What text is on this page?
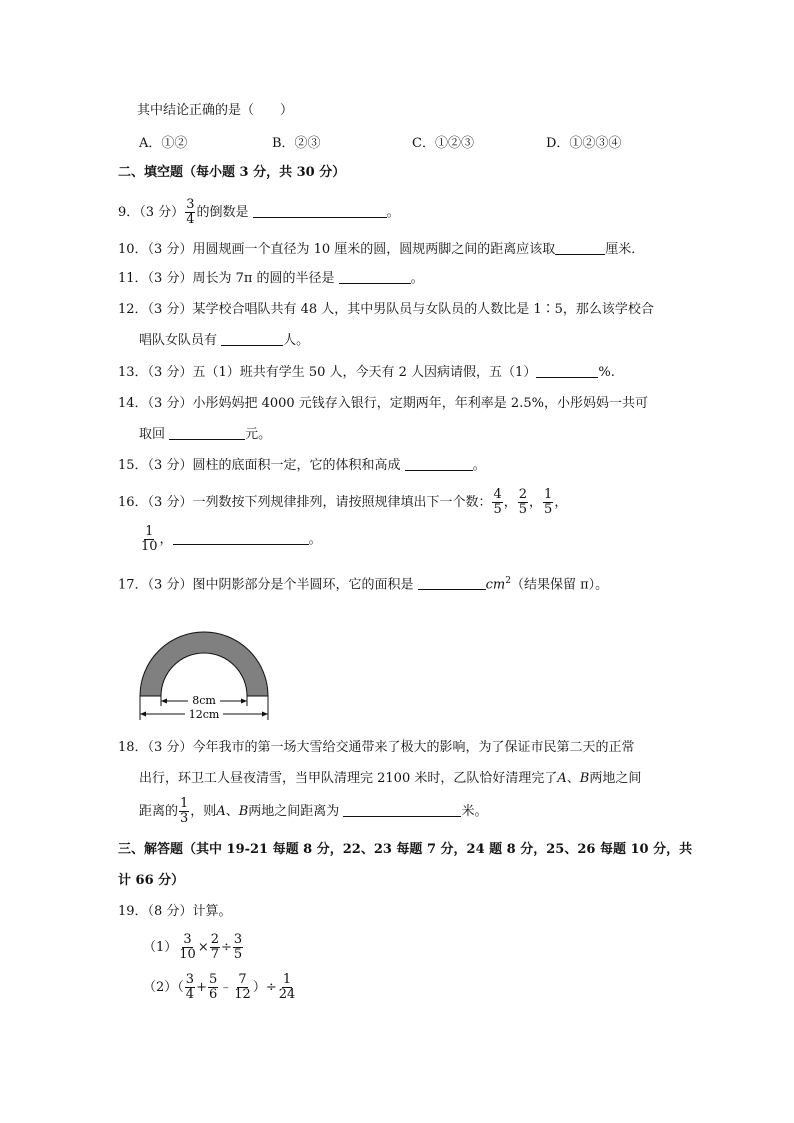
其中结论正确的是（　　）
A．①②	B．②③	C．①②③	D．①②③④
二、填空题（每小题 3 分，共 30 分）
9．（3 分） $\frac{3}{4}$ 的倒数是	。
10．（3 分）用圆规画一个直径为 10 厘米的圆，圆规两脚之间的距离应该取	厘米．
11．（3 分）周长为 7π 的圆的半径是	。
12．（3 分）某学校合唱队共有 48 人，其中男队员与女队员的人数比是 1∶5，那么该学校合
唱队女队员有	人。
13．（3 分）五（1）班共有学生 50 人，今天有 2 人因病请假，五（1）	%.
14．（3 分）小彤妈妈把 4000 元钱存入银行，定期两年，年利率是 2.5%，小彤妈妈一共可
取回	元。
15．（3 分）圆柱的底面积一定，它的体积和高成	。
16．（3 分）一列数按下列规律排列，请按照规律填出下一个数： $\frac{4}{5}$ ， $\frac{2}{5}$ ， $\frac{1}{5}$ ，
$\frac{1}{10}$ ，	。
17．（3 分）图中阴影部分是个半圆环，它的面积是	$cm^2$（结果保留 π）。
8cm
12cm
18．（3 分）今年我市的第一场大雪给交通带来了极大的影响，为了保证市民第二天的正常
出行，环卫工人昼夜清雪，当甲队清理完 2100 米时，乙队恰好清理完了A、B两地之间
距离的 $\frac{1}{3}$ ，则A、B两地之间距离为	米。
三、解答题（其中 19-21 每题 8 分，22、23 每题 7 分，24 题 8 分，25、26 每题 10 分，共
计 66 分）
19．（8 分）计算。
$(1) \frac{3}{10} \times \frac{2}{7} \div \frac{3}{5}$
$(2)( \frac{3}{4} + \frac{5}{6}$ ﹣ $\frac{7}{12}$ ）÷ $\frac{1}{24}$
